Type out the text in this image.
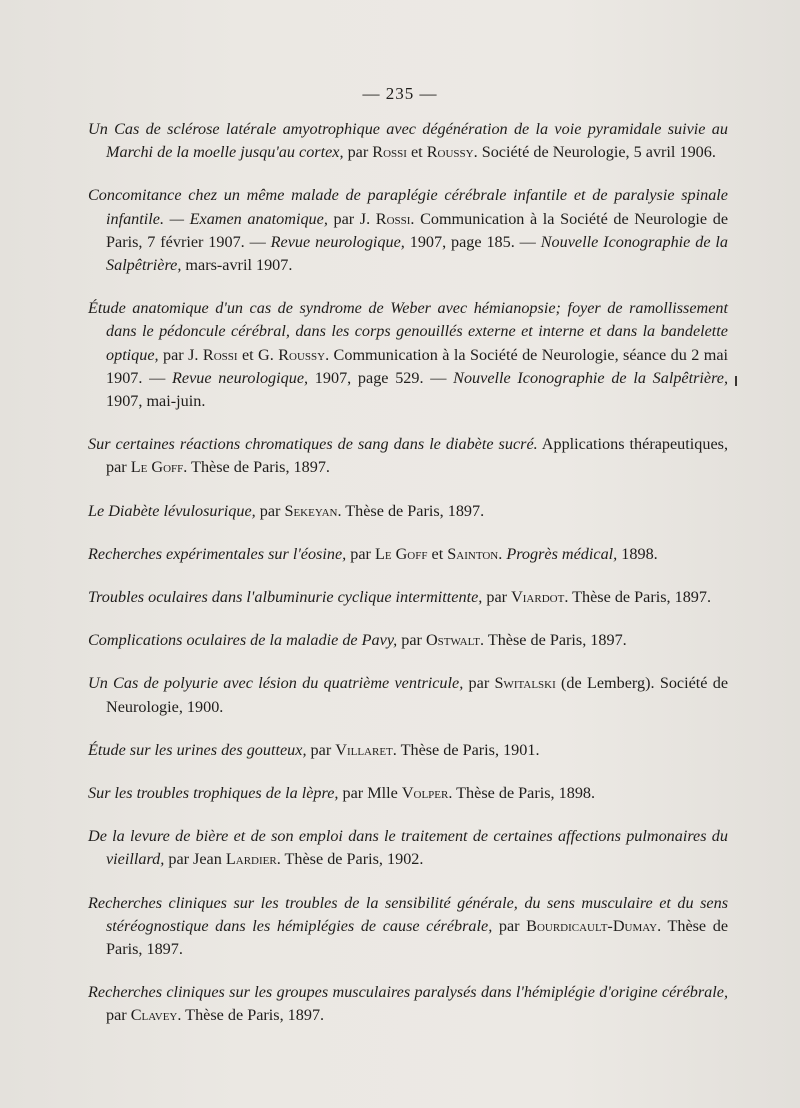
— 235 —

Un Cas de sclérose latérale amyotrophique avec dégénération de la voie pyramidale suivie au Marchi de la moelle jusqu'au cortex, par Rossi et Roussy. Société de Neurologie, 5 avril 1906.

Concomitance chez un même malade de paraplégie cérébrale infantile et de paralysie spinale infantile. — Examen anatomique, par J. Rossi. Communication à la Société de Neurologie de Paris, 7 février 1907. — Revue neurologique, 1907, page 185. — Nouvelle Iconographie de la Salpêtrière, mars-avril 1907.

Étude anatomique d'un cas de syndrome de Weber avec hémianopsie; foyer de ramollissement dans le pédoncule cérébral, dans les corps genouillés externe et interne et dans la bandelette optique, par J. Rossi et G. Roussy. Communication à la Société de Neurologie, séance du 2 mai 1907. — Revue neurologique, 1907, page 529. — Nouvelle Iconographie de la Salpêtrière, 1907, mai-juin.

Sur certaines réactions chromatiques de sang dans le diabète sucré. Applications thérapeutiques, par Le Goff. Thèse de Paris, 1897.

Le Diabète lévulosurique, par Sekeyan. Thèse de Paris, 1897.

Recherches expérimentales sur l'éosine, par Le Goff et Sainton. Progrès médical, 1898.

Troubles oculaires dans l'albuminurie cyclique intermittente, par Viardot. Thèse de Paris, 1897.

Complications oculaires de la maladie de Pavy, par Ostwalt. Thèse de Paris, 1897.

Un Cas de polyurie avec lésion du quatrième ventricule, par Switalski (de Lemberg). Société de Neurologie, 1900.

Étude sur les urines des goutteux, par Villaret. Thèse de Paris, 1901.

Sur les troubles trophiques de la lèpre, par Mlle Volper. Thèse de Paris, 1898.

De la levure de bière et de son emploi dans le traitement de certaines affections pulmonaires du vieillard, par Jean Lardier. Thèse de Paris, 1902.

Recherches cliniques sur les troubles de la sensibilité générale, du sens musculaire et du sens stéréognostique dans les hémiplégies de cause cérébrale, par Bourdicault-Dumay. Thèse de Paris, 1897.

Recherches cliniques sur les groupes musculaires paralysés dans l'hémiplégie d'origine cérébrale, par Clavey. Thèse de Paris, 1897.
